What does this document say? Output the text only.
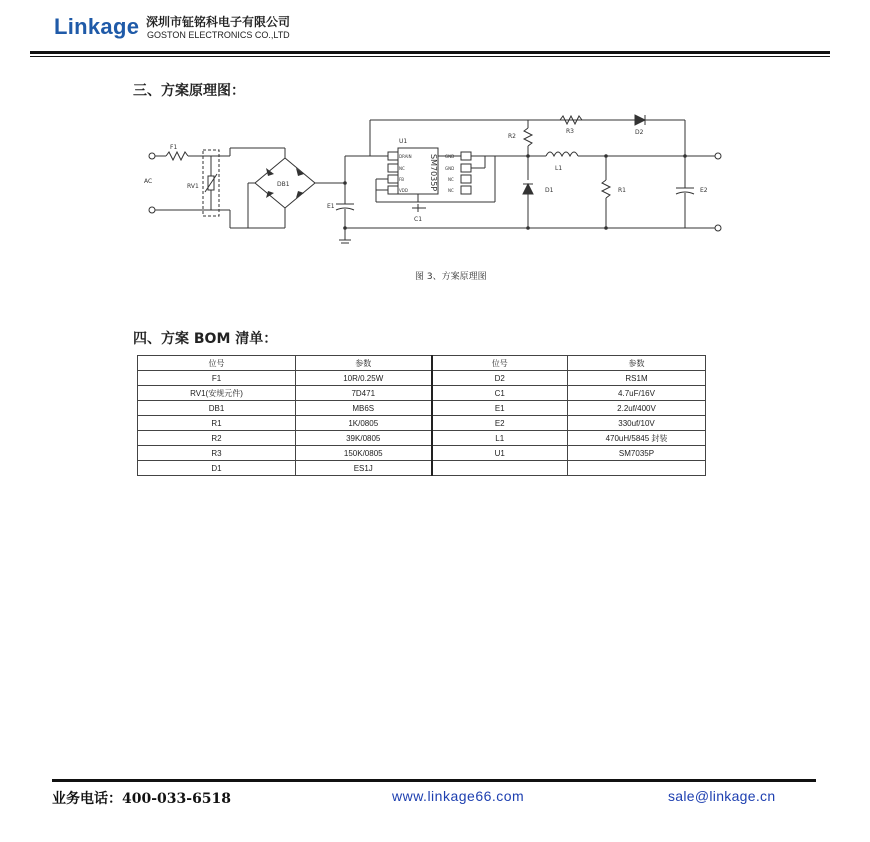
Linkage 深圳市钲铭科电子有限公司
GOSTON ELECTRONICS CO.,LTD
三、方案原理图：
F1
AC
RV1	DB1
E1
U1
SM7035P
DRAIN
NC
FB
VDD
GND
GND
NC
NC
C1
R2
R3	D2
L1
D1	R1	E2
图 3、方案原理图
四、方案 BOM 清单：
位号	参数	位号	参数
F1	10R/0.25W	D2	RS1M
RV1(安规元件)	7D471	C1	4.7uF/16V
DB1	MB6S	E1	2.2uf/400V
R1	1K/0805	E2	330uf/10V
R2	39K/0805	L1	470uH/5845 封装
R3	150K/0805	U1	SM7035P
D1	ES1J		
业务电话：400-033-6518	www.linkage66.com	sale@linkage.cn
